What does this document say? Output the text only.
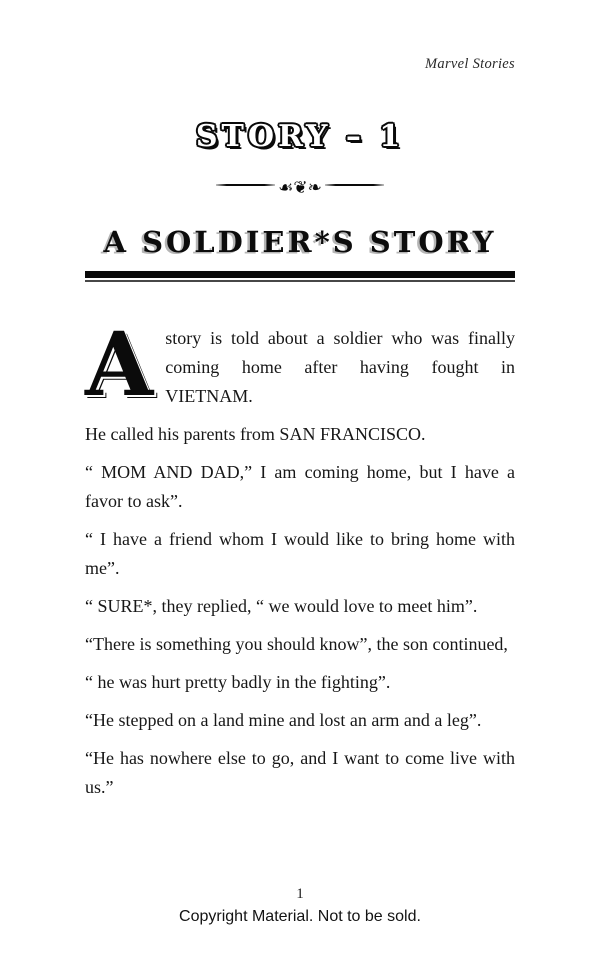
Marvel Stories
STORY – 1
☙❦❧
A SOLDIER*S STORY

Astory is told about a soldier who was finally coming home after having fought in VIETNAM.

He called his parents from SAN FRANCISCO.

“ MOM AND DAD,” I am coming home, but I have a favor to ask”.

“ I have a friend whom I would like to bring home with me”.

“ SURE*, they replied, “ we would love to meet him”.

“There is something you should know”, the son continued,

“ he was hurt pretty badly in the fighting”.

“He stepped on a land mine and lost an arm and a leg”.

“He has nowhere else to go, and I want to come live with us.”

1
Copyright Material. Not to be sold.
